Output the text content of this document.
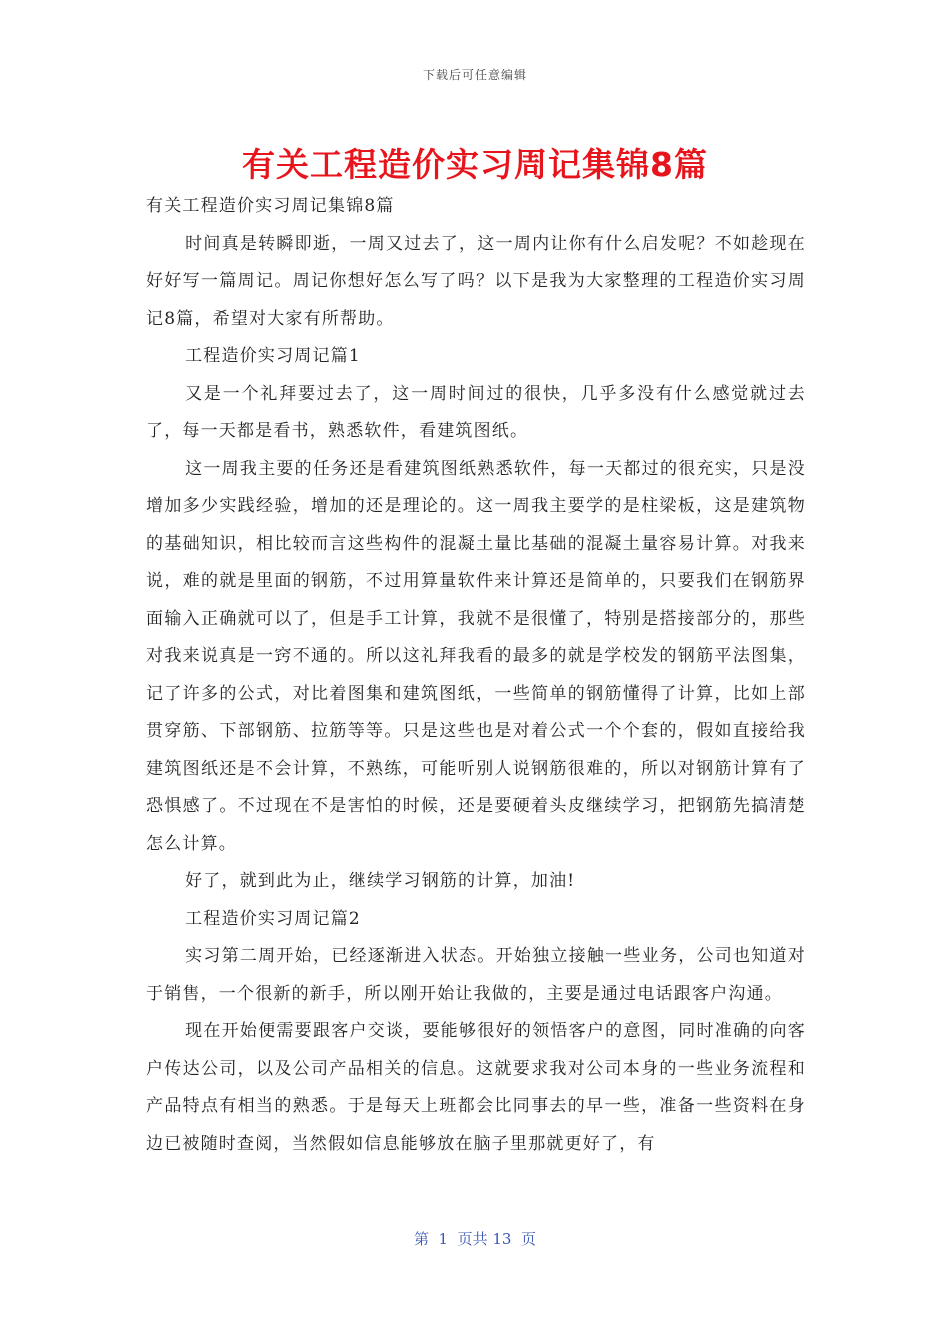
下载后可任意编辑
有关工程造价实习周记集锦8篇

有关工程造价实习周记集锦8篇

时间真是转瞬即逝，一周又过去了，这一周内让你有什么启发呢？不如趁现在好好写一篇周记。周记你想好怎么写了吗？以下是我为大家整理的工程造价实习周记8篇，希望对大家有所帮助。

工程造价实习周记篇1

又是一个礼拜要过去了，这一周时间过的很快，几乎多没有什么感觉就过去了，每一天都是看书，熟悉软件，看建筑图纸。

这一周我主要的任务还是看建筑图纸熟悉软件，每一天都过的很充实，只是没增加多少实践经验，增加的还是理论的。这一周我主要学的是柱梁板，这是建筑物的基础知识，相比较而言这些构件的混凝土量比基础的混凝土量容易计算。对我来说，难的就是里面的钢筋，不过用算量软件来计算还是简单的，只要我们在钢筋界面输入正确就可以了，但是手工计算，我就不是很懂了，特别是搭接部分的，那些对我来说真是一窍不通的。所以这礼拜我看的最多的就是学校发的钢筋平法图集，记了许多的公式，对比着图集和建筑图纸，一些简单的钢筋懂得了计算，比如上部贯穿筋、下部钢筋、拉筋等等。只是这些也是对着公式一个个套的，假如直接给我建筑图纸还是不会计算，不熟练，可能听别人说钢筋很难的，所以对钢筋计算有了恐惧感了。不过现在不是害怕的时候，还是要硬着头皮继续学习，把钢筋先搞清楚怎么计算。

好了，就到此为止，继续学习钢筋的计算，加油!

工程造价实习周记篇2

实习第二周开始，已经逐渐进入状态。开始独立接触一些业务，公司也知道对于销售，一个很新的新手，所以刚开始让我做的，主要是通过电话跟客户沟通。

现在开始便需要跟客户交谈，要能够很好的领悟客户的意图，同时准确的向客户传达公司，以及公司产品相关的信息。这就要求我对公司本身的一些业务流程和产品特点有相当的熟悉。于是每天上班都会比同事去的早一些，准备一些资料在身边已被随时查阅，当然假如信息能够放在脑子里那就更好了，有

第  1  页共 13  页
